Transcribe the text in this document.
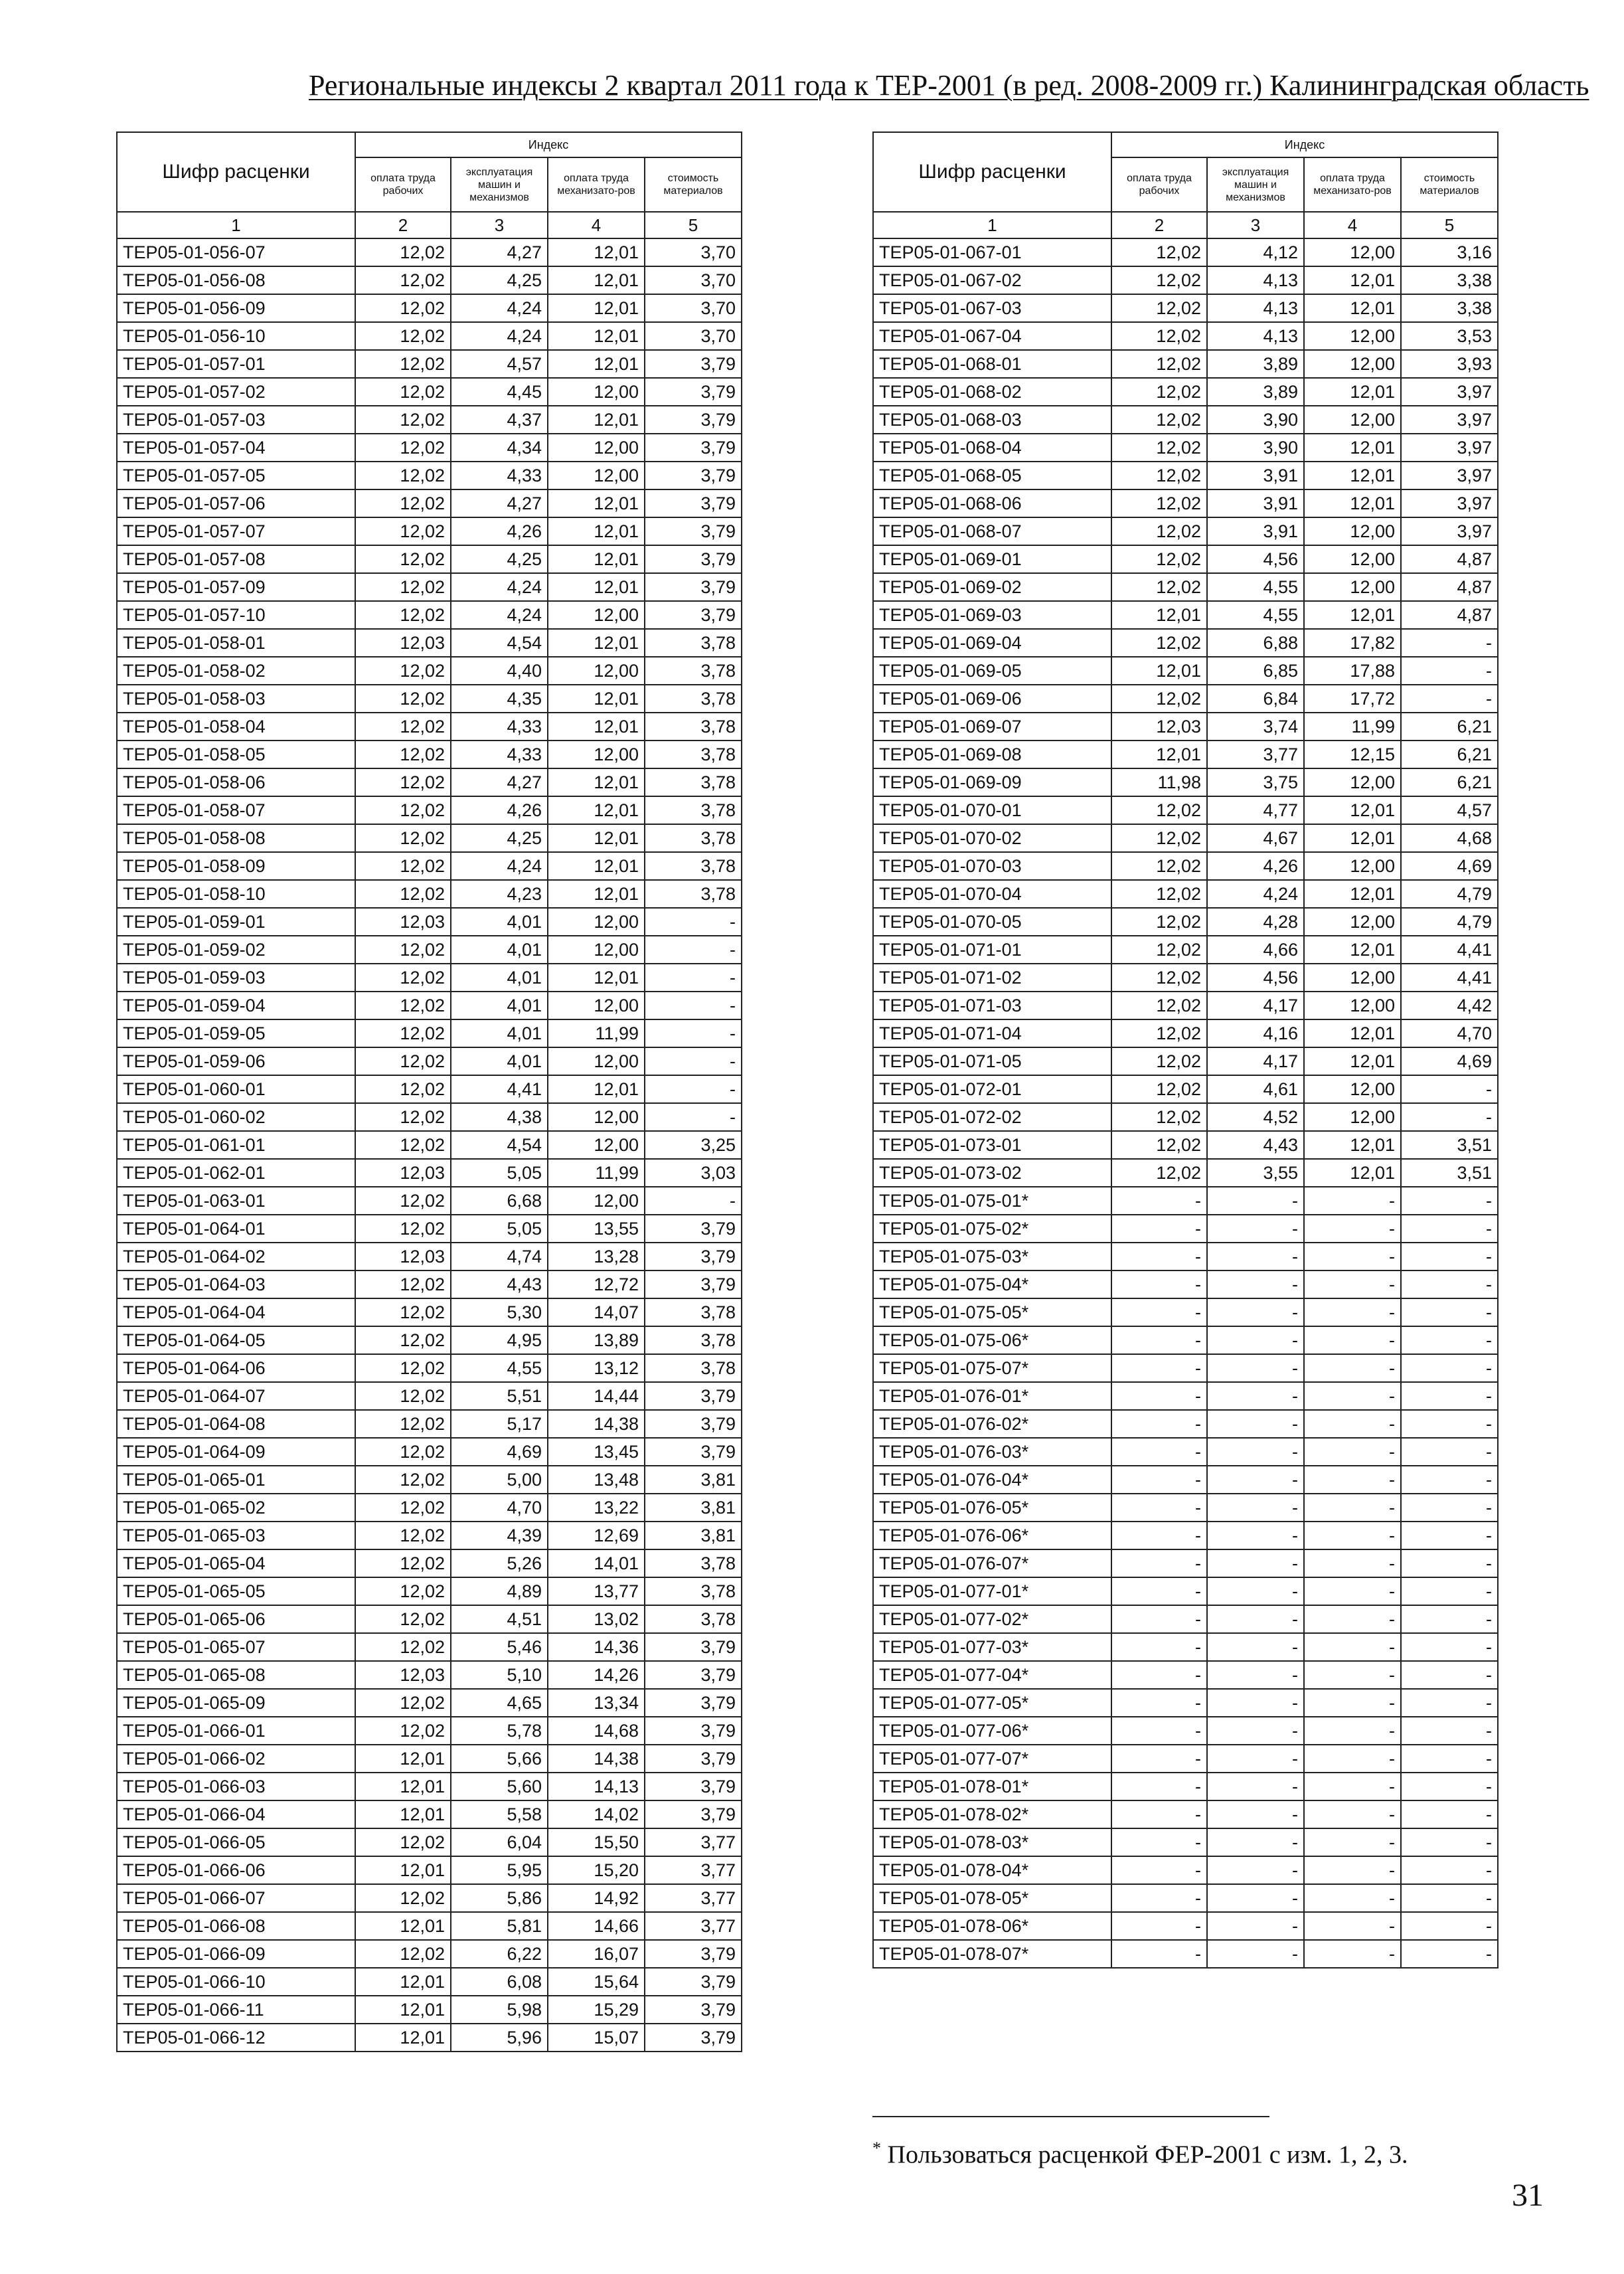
Региональные индексы 2 квартал 2011 года к ТЕР-2001 (в ред. 2008-2009 гг.) Калининградская область
Шифр расценки	Индекс			
	оплата труда рабочих	эксплуатация машин и механизмов	оплата труда механизато-ров	стоимость материалов
1	2	3	4	5
ТЕР05-01-056-07	12,02	4,27	12,01	3,70
ТЕР05-01-056-08	12,02	4,25	12,01	3,70
ТЕР05-01-056-09	12,02	4,24	12,01	3,70
ТЕР05-01-056-10	12,02	4,24	12,01	3,70
ТЕР05-01-057-01	12,02	4,57	12,01	3,79
ТЕР05-01-057-02	12,02	4,45	12,00	3,79
ТЕР05-01-057-03	12,02	4,37	12,01	3,79
ТЕР05-01-057-04	12,02	4,34	12,00	3,79
ТЕР05-01-057-05	12,02	4,33	12,00	3,79
ТЕР05-01-057-06	12,02	4,27	12,01	3,79
ТЕР05-01-057-07	12,02	4,26	12,01	3,79
ТЕР05-01-057-08	12,02	4,25	12,01	3,79
ТЕР05-01-057-09	12,02	4,24	12,01	3,79
ТЕР05-01-057-10	12,02	4,24	12,00	3,79
ТЕР05-01-058-01	12,03	4,54	12,01	3,78
ТЕР05-01-058-02	12,02	4,40	12,00	3,78
ТЕР05-01-058-03	12,02	4,35	12,01	3,78
ТЕР05-01-058-04	12,02	4,33	12,01	3,78
ТЕР05-01-058-05	12,02	4,33	12,00	3,78
ТЕР05-01-058-06	12,02	4,27	12,01	3,78
ТЕР05-01-058-07	12,02	4,26	12,01	3,78
ТЕР05-01-058-08	12,02	4,25	12,01	3,78
ТЕР05-01-058-09	12,02	4,24	12,01	3,78
ТЕР05-01-058-10	12,02	4,23	12,01	3,78
ТЕР05-01-059-01	12,03	4,01	12,00	-
ТЕР05-01-059-02	12,02	4,01	12,00	-
ТЕР05-01-059-03	12,02	4,01	12,01	-
ТЕР05-01-059-04	12,02	4,01	12,00	-
ТЕР05-01-059-05	12,02	4,01	11,99	-
ТЕР05-01-059-06	12,02	4,01	12,00	-
ТЕР05-01-060-01	12,02	4,41	12,01	-
ТЕР05-01-060-02	12,02	4,38	12,00	-
ТЕР05-01-061-01	12,02	4,54	12,00	3,25
ТЕР05-01-062-01	12,03	5,05	11,99	3,03
ТЕР05-01-063-01	12,02	6,68	12,00	-
ТЕР05-01-064-01	12,02	5,05	13,55	3,79
ТЕР05-01-064-02	12,03	4,74	13,28	3,79
ТЕР05-01-064-03	12,02	4,43	12,72	3,79
ТЕР05-01-064-04	12,02	5,30	14,07	3,78
ТЕР05-01-064-05	12,02	4,95	13,89	3,78
ТЕР05-01-064-06	12,02	4,55	13,12	3,78
ТЕР05-01-064-07	12,02	5,51	14,44	3,79
ТЕР05-01-064-08	12,02	5,17	14,38	3,79
ТЕР05-01-064-09	12,02	4,69	13,45	3,79
ТЕР05-01-065-01	12,02	5,00	13,48	3,81
ТЕР05-01-065-02	12,02	4,70	13,22	3,81
ТЕР05-01-065-03	12,02	4,39	12,69	3,81
ТЕР05-01-065-04	12,02	5,26	14,01	3,78
ТЕР05-01-065-05	12,02	4,89	13,77	3,78
ТЕР05-01-065-06	12,02	4,51	13,02	3,78
ТЕР05-01-065-07	12,02	5,46	14,36	3,79
ТЕР05-01-065-08	12,03	5,10	14,26	3,79
ТЕР05-01-065-09	12,02	4,65	13,34	3,79
ТЕР05-01-066-01	12,02	5,78	14,68	3,79
ТЕР05-01-066-02	12,01	5,66	14,38	3,79
ТЕР05-01-066-03	12,01	5,60	14,13	3,79
ТЕР05-01-066-04	12,01	5,58	14,02	3,79
ТЕР05-01-066-05	12,02	6,04	15,50	3,77
ТЕР05-01-066-06	12,01	5,95	15,20	3,77
ТЕР05-01-066-07	12,02	5,86	14,92	3,77
ТЕР05-01-066-08	12,01	5,81	14,66	3,77
ТЕР05-01-066-09	12,02	6,22	16,07	3,79
ТЕР05-01-066-10	12,01	6,08	15,64	3,79
ТЕР05-01-066-11	12,01	5,98	15,29	3,79
ТЕР05-01-066-12	12,01	5,96	15,07	3,79
Шифр расценки	Индекс			
	оплата труда рабочих	эксплуатация машин и механизмов	оплата труда механизато-ров	стоимость материалов
1	2	3	4	5
ТЕР05-01-067-01	12,02	4,12	12,00	3,16
ТЕР05-01-067-02	12,02	4,13	12,01	3,38
ТЕР05-01-067-03	12,02	4,13	12,01	3,38
ТЕР05-01-067-04	12,02	4,13	12,00	3,53
ТЕР05-01-068-01	12,02	3,89	12,00	3,93
ТЕР05-01-068-02	12,02	3,89	12,01	3,97
ТЕР05-01-068-03	12,02	3,90	12,00	3,97
ТЕР05-01-068-04	12,02	3,90	12,01	3,97
ТЕР05-01-068-05	12,02	3,91	12,01	3,97
ТЕР05-01-068-06	12,02	3,91	12,01	3,97
ТЕР05-01-068-07	12,02	3,91	12,00	3,97
ТЕР05-01-069-01	12,02	4,56	12,00	4,87
ТЕР05-01-069-02	12,02	4,55	12,00	4,87
ТЕР05-01-069-03	12,01	4,55	12,01	4,87
ТЕР05-01-069-04	12,02	6,88	17,82	-
ТЕР05-01-069-05	12,01	6,85	17,88	-
ТЕР05-01-069-06	12,02	6,84	17,72	-
ТЕР05-01-069-07	12,03	3,74	11,99	6,21
ТЕР05-01-069-08	12,01	3,77	12,15	6,21
ТЕР05-01-069-09	11,98	3,75	12,00	6,21
ТЕР05-01-070-01	12,02	4,77	12,01	4,57
ТЕР05-01-070-02	12,02	4,67	12,01	4,68
ТЕР05-01-070-03	12,02	4,26	12,00	4,69
ТЕР05-01-070-04	12,02	4,24	12,01	4,79
ТЕР05-01-070-05	12,02	4,28	12,00	4,79
ТЕР05-01-071-01	12,02	4,66	12,01	4,41
ТЕР05-01-071-02	12,02	4,56	12,00	4,41
ТЕР05-01-071-03	12,02	4,17	12,00	4,42
ТЕР05-01-071-04	12,02	4,16	12,01	4,70
ТЕР05-01-071-05	12,02	4,17	12,01	4,69
ТЕР05-01-072-01	12,02	4,61	12,00	-
ТЕР05-01-072-02	12,02	4,52	12,00	-
ТЕР05-01-073-01	12,02	4,43	12,01	3,51
ТЕР05-01-073-02	12,02	3,55	12,01	3,51
ТЕР05-01-075-01*	-	-	-	-
ТЕР05-01-075-02*	-	-	-	-
ТЕР05-01-075-03*	-	-	-	-
ТЕР05-01-075-04*	-	-	-	-
ТЕР05-01-075-05*	-	-	-	-
ТЕР05-01-075-06*	-	-	-	-
ТЕР05-01-075-07*	-	-	-	-
ТЕР05-01-076-01*	-	-	-	-
ТЕР05-01-076-02*	-	-	-	-
ТЕР05-01-076-03*	-	-	-	-
ТЕР05-01-076-04*	-	-	-	-
ТЕР05-01-076-05*	-	-	-	-
ТЕР05-01-076-06*	-	-	-	-
ТЕР05-01-076-07*	-	-	-	-
ТЕР05-01-077-01*	-	-	-	-
ТЕР05-01-077-02*	-	-	-	-
ТЕР05-01-077-03*	-	-	-	-
ТЕР05-01-077-04*	-	-	-	-
ТЕР05-01-077-05*	-	-	-	-
ТЕР05-01-077-06*	-	-	-	-
ТЕР05-01-077-07*	-	-	-	-
ТЕР05-01-078-01*	-	-	-	-
ТЕР05-01-078-02*	-	-	-	-
ТЕР05-01-078-03*	-	-	-	-
ТЕР05-01-078-04*	-	-	-	-
ТЕР05-01-078-05*	-	-	-	-
ТЕР05-01-078-06*	-	-	-	-
ТЕР05-01-078-07*	-	-	-	-
* Пользоваться расценкой ФЕР-2001 с изм. 1, 2, 3.
31
